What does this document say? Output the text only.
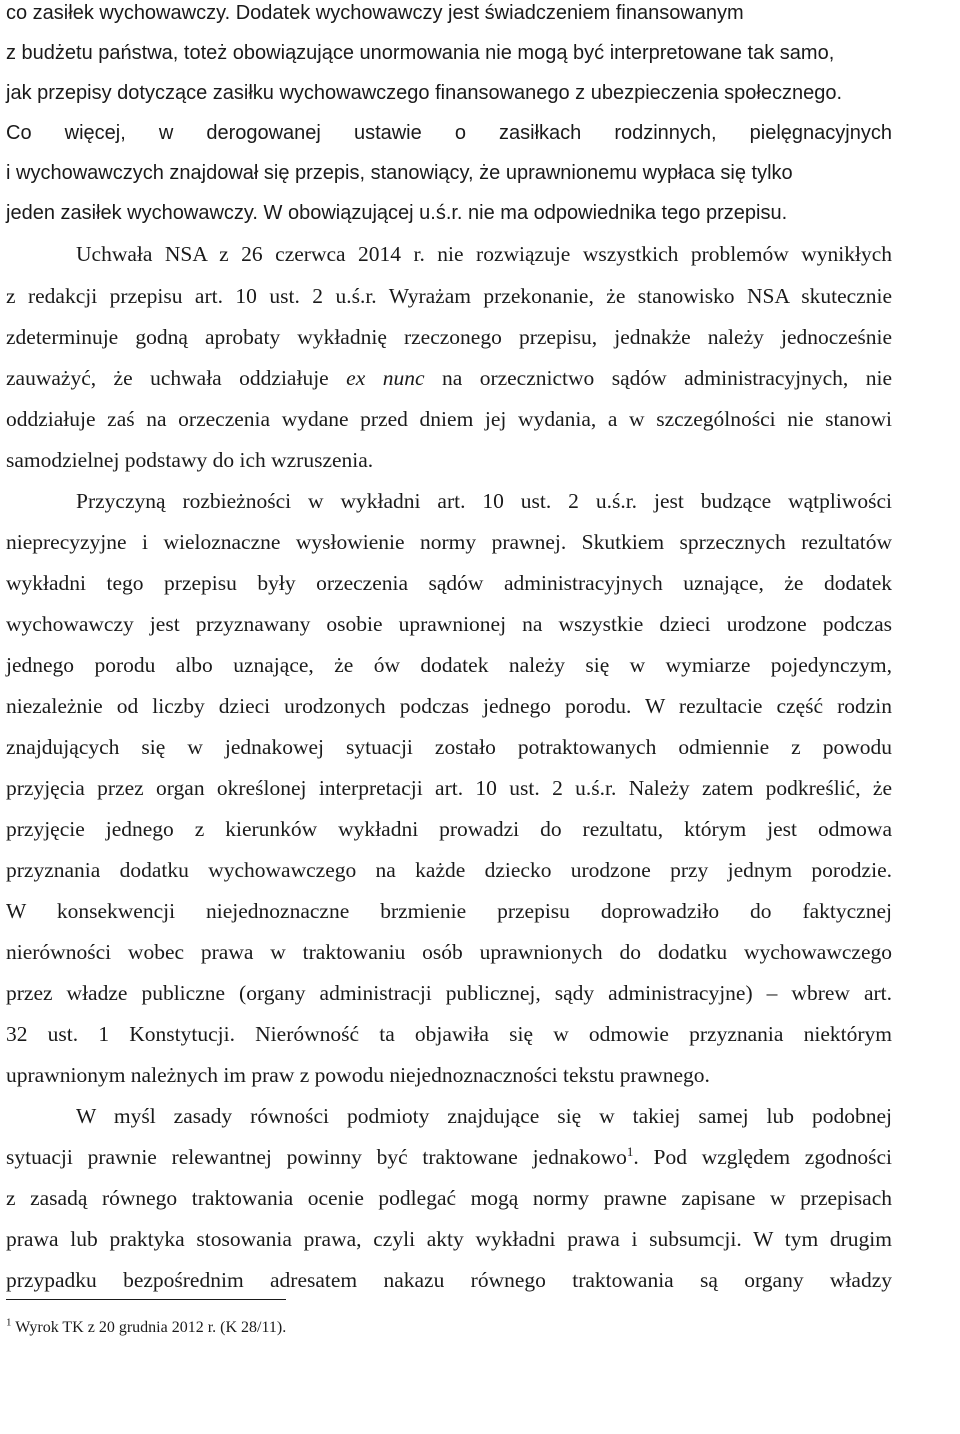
co zasiłek wychowawczy. Dodatek wychowawczy jest świadczeniem finansowanym
z budżetu państwa, toteż obowiązujące unormowania nie mogą być interpretowane tak samo,
jak przepisy dotyczące zasiłku wychowawczego finansowanego z ubezpieczenia społecznego.
Co więcej, w derogowanej ustawie o zasiłkach rodzinnych, pielęgnacyjnych
i wychowawczych znajdował się przepis, stanowiący, że uprawnionemu wypłaca się tylko
jeden zasiłek wychowawczy. W obowiązującej u.ś.r. nie ma odpowiednika tego przepisu.
Uchwała NSA z 26 czerwca 2014 r. nie rozwiązuje wszystkich problemów wynikłych
z redakcji przepisu art. 10 ust. 2 u.ś.r. Wyrażam przekonanie, że stanowisko NSA skutecznie
zdeterminuje godną aprobaty wykładnię rzeczonego przepisu, jednakże należy jednocześnie
zauważyć, że uchwała oddziałuje ex nunc na orzecznictwo sądów administracyjnych, nie
oddziałuje zaś na orzeczenia wydane przed dniem jej wydania, a w szczególności nie stanowi
samodzielnej podstawy do ich wzruszenia.
Przyczyną rozbieżności w wykładni art. 10 ust. 2 u.ś.r. jest budzące wątpliwości
nieprecyzyjne i wieloznaczne wysłowienie normy prawnej. Skutkiem sprzecznych rezultatów
wykładni tego przepisu były orzeczenia sądów administracyjnych uznające, że dodatek
wychowawczy jest przyznawany osobie uprawnionej na wszystkie dzieci urodzone podczas
jednego porodu albo uznające, że ów dodatek należy się w wymiarze pojedynczym,
niezależnie od liczby dzieci urodzonych podczas jednego porodu. W rezultacie część rodzin
znajdujących się w jednakowej sytuacji zostało potraktowanych odmiennie z powodu
przyjęcia przez organ określonej interpretacji art. 10 ust. 2 u.ś.r. Należy zatem podkreślić, że
przyjęcie jednego z kierunków wykładni prowadzi do rezultatu, którym jest odmowa
przyznania dodatku wychowawczego na każde dziecko urodzone przy jednym porodzie.
W konsekwencji niejednoznaczne brzmienie przepisu doprowadziło do faktycznej
nierówności wobec prawa w traktowaniu osób uprawnionych do dodatku wychowawczego
przez władze publiczne (organy administracji publicznej, sądy administracyjne) – wbrew art.
32 ust. 1 Konstytucji. Nierówność ta objawiła się w odmowie przyznania niektórym
uprawnionym należnych im praw z powodu niejednoznaczności tekstu prawnego.
W myśl zasady równości podmioty znajdujące się w takiej samej lub podobnej
sytuacji prawnie relewantnej powinny być traktowane jednakowo$^1$. Pod względem zgodności
z zasadą równego traktowania ocenie podlegać mogą normy prawne zapisane w przepisach
prawa lub praktyka stosowania prawa, czyli akty wykładni prawa i subsumcji. W tym drugim
przypadku bezpośrednim adresatem nakazu równego traktowania są organy władzy
$^1$ Wyrok TK z 20 grudnia 2012 r. (K 28/11).
